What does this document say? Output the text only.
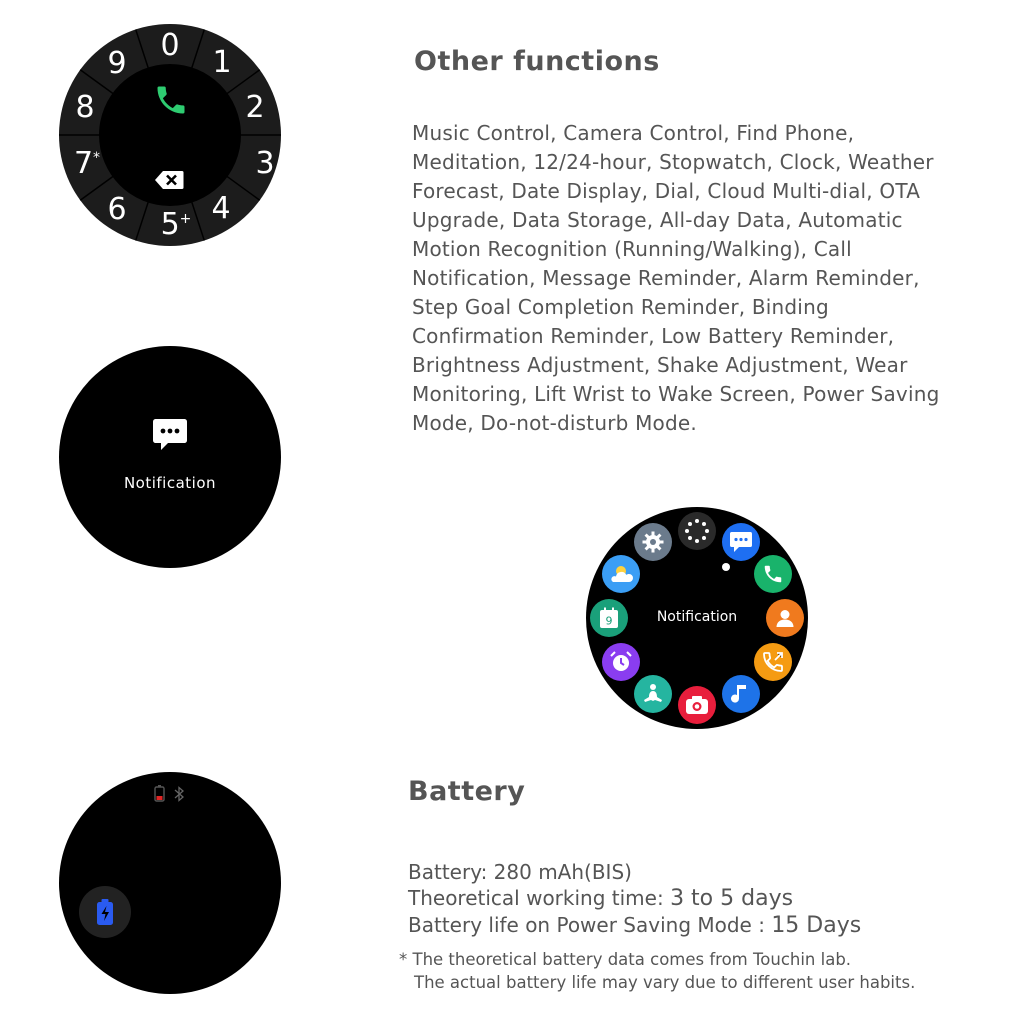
0 1
2
3
4
5+
6
7*
8
9
Notification
Notification
9
Other functions

Music Control, Camera Control, Find Phone, Meditation, 12/24-hour, Stopwatch, Clock, Weather Forecast, Date Display, Dial, Cloud Multi-dial, OTA Upgrade, Data Storage, All-day Data, Automatic Motion Recognition (Running/Walking), Call Notification, Message Reminder, Alarm Reminder, Step Goal Completion Reminder, Binding Confirmation Reminder, Low Battery Reminder, Brightness Adjustment, Shake Adjustment, Wear Monitoring, Lift Wrist to Wake Screen, Power Saving Mode, Do-not-disturb Mode.

Battery

Battery: 280 mAh(BIS)

Theoretical working time: 3 to 5 days

Battery life on Power Saving Mode : 15 Days

* The theoretical battery data comes from Touchin lab.

The actual battery life may vary due to different user habits.
